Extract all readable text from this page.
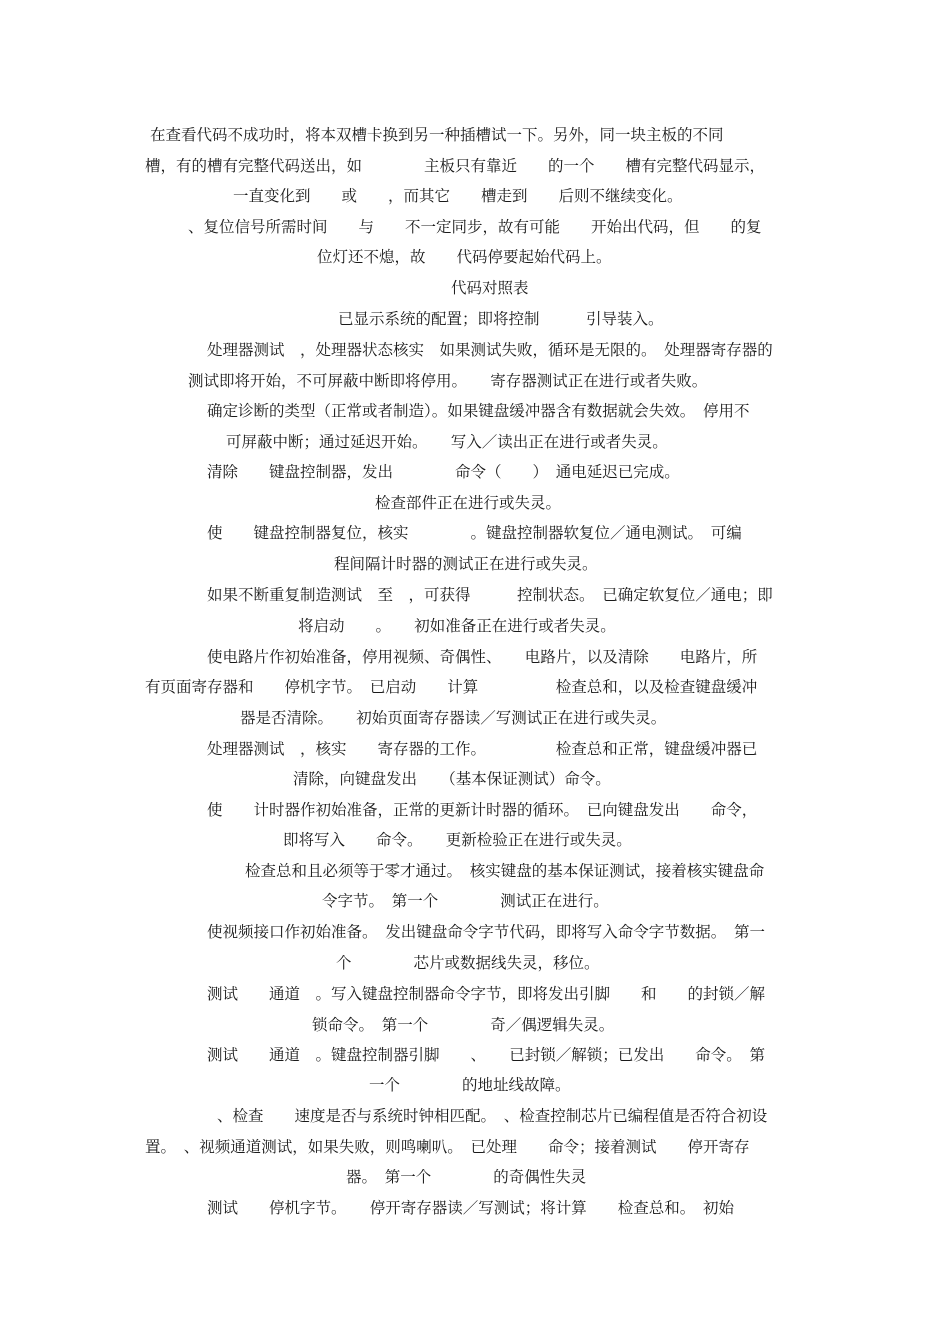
在查看代码不成功时，将本双槽卡换到另一种插槽试一下。另外，同一块主板的不同
槽，有的槽有完整代码送出，如　　　　主板只有靠近　　的一个　　槽有完整代码显示，
一直变化到　　或　　，而其它　　槽走到　　后则不继续变化。
、复位信号所需时间　　与　　不一定同步，故有可能　　开始出代码，但　　的复
位灯还不熄，故　　代码停要起始代码上。
代码对照表
已显示系统的配置；即将控制　　　引导装入。
处理器测试　，处理器状态核实　如果测试失败，循环是无限的。　处理器寄存器的
测试即将开始，不可屏蔽中断即将停用。　　寄存器测试正在进行或者失败。
确定诊断的类型（正常或者制造）。如果键盘缓冲器含有数据就会失效。　停用不
可屏蔽中断；通过延迟开始。　　写入／读出正在进行或者失灵。
清除　　键盘控制器，发出　　　　命令（　　）　通电延迟已完成。
检查部件正在进行或失灵。
使　　键盘控制器复位，核实　　　　。键盘控制器软复位／通电测试。　可编
程间隔计时器的测试正在进行或失灵。
如果不断重复制造测试　至　，可获得　　　控制状态。　已确定软复位／通电；即
将启动　　。　　初如准备正在进行或者失灵。
使电路片作初始准备，停用视频、奇偶性、　　电路片，以及清除　　电路片，所
有页面寄存器和　　停机字节。　已启动　　计算　　　　　检查总和，以及检查键盘缓冲
器是否清除。　　初始页面寄存器读／写测试正在进行或失灵。
处理器测试　，核实　　寄存器的工作。　　　　　检查总和正常，键盘缓冲器已
清除，向键盘发出　　（基本保证测试）命令。
使　　计时器作初始准备，正常的更新计时器的循环。　已向键盘发出　　命令，
即将写入　　命令。　　更新检验正在进行或失灵。
检查总和且必须等于零才通过。　核实键盘的基本保证测试，接着核实键盘命
令字节。　第一个　　　　测试正在进行。
使视频接口作初始准备。　发出键盘命令字节代码，即将写入命令字节数据。　第一
个　　　　芯片或数据线失灵，移位。
测试　　通道　。写入键盘控制器命令字节，即将发出引脚　　和　　的封锁／解
锁命令。　第一个　　　　奇／偶逻辑失灵。
测试　　通道　。键盘控制器引脚　　、　　已封锁／解锁；已发出　　命令。　第
一个　　　　的地址线故障。
、检查　　速度是否与系统时钟相匹配。　、检查控制芯片已编程值是否符合初设
置。　、视频通道测试，如果失败，则鸣喇叭。　已处理　　命令；接着测试　　停开寄存
器。　第一个　　　　的奇偶性失灵
测试　　停机字节。　　停开寄存器读／写测试；将计算　　检查总和。　初始
